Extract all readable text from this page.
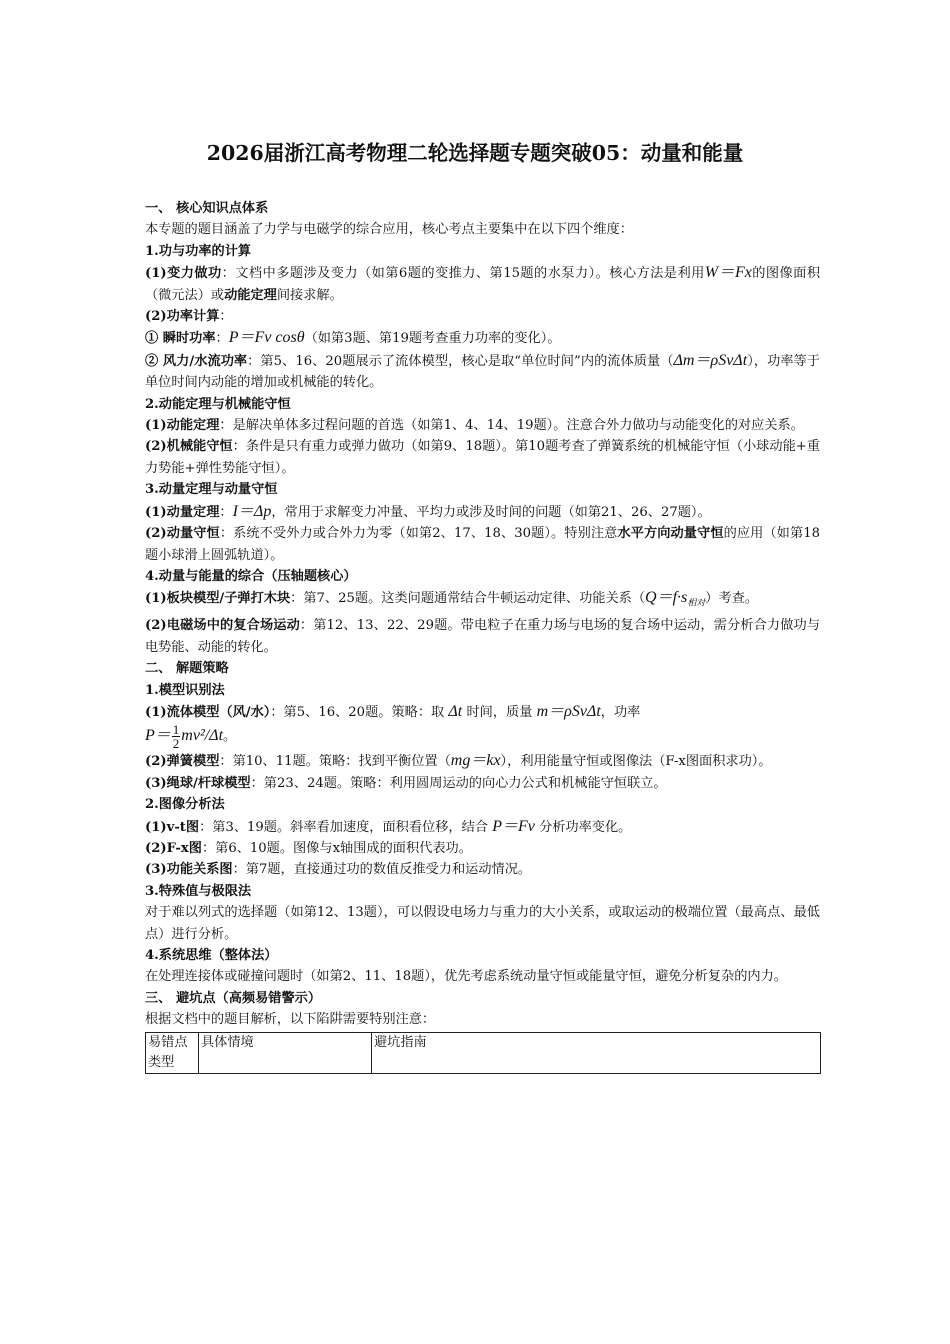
2026届浙江高考物理二轮选择题专题突破05：动量和能量

一、 核心知识点体系

本专题的题目涵盖了力学与电磁学的综合应用，核心考点主要集中在以下四个维度：

1.功与功率的计算

(1)变力做功：文档中多题涉及变力（如第6题的变推力、第15题的水泵力）。核心方法是利用W＝Fx的图像面积（微元法）或动能定理间接求解。

(2)功率计算：

① 瞬时功率：P＝Fv cosθ（如第3题、第19题考查重力功率的变化）。

② 风力/水流功率：第5、16、20题展示了流体模型，核心是取“单位时间”内的流体质量（Δm＝ρSvΔt），功率等于单位时间内动能的增加或机械能的转化。

2.动能定理与机械能守恒

(1)动能定理：是解决单体多过程问题的首选（如第1、4、14、19题）。注意合外力做功与动能变化的对应关系。

(2)机械能守恒：条件是只有重力或弹力做功（如第9、18题）。第10题考查了弹簧系统的机械能守恒（小球动能+重力势能+弹性势能守恒）。

3.动量定理与动量守恒

(1)动量定理：I＝Δp，常用于求解变力冲量、平均力或涉及时间的问题（如第21、26、27题）。

(2)动量守恒：系统不受外力或合外力为零（如第2、17、18、30题）。特别注意水平方向动量守恒的应用（如第18题小球滑上圆弧轨道）。

4.动量与能量的综合（压轴题核心）

(1)板块模型/子弹打木块：第7、25题。这类问题通常结合牛顿运动定律、功能关系$(Q=f\cdot s_{相对})$考查。

(2)电磁场中的复合场运动：第12、13、22、29题。带电粒子在重力场与电场的复合场中运动，需分析合力做功与电势能、动能的转化。

二、 解题策略

1.模型识别法

(1)流体模型（风/水）：第5、16、20题。策略：取 Δt 时间，质量 m＝ρSvΔt，功率
$P= \frac{1}{2} mv^2/\Delta t$。

(2)弹簧模型：第10、11题。策略：找到平衡位置（mg＝kx），利用能量守恒或图像法（F-x图面积求功）。

(3)绳球/杆球模型：第23、24题。策略：利用圆周运动的向心力公式和机械能守恒联立。

2.图像分析法

(1)v-t图：第3、19题。斜率看加速度，面积看位移，结合 P＝Fv 分析功率变化。

(2)F-x图：第6、10题。图像与x轴围成的面积代表功。

(3)功能关系图：第7题，直接通过功的数值反推受力和运动情况。

3.特殊值与极限法

对于难以列式的选择题（如第12、13题），可以假设电场力与重力的大小关系，或取运动的极端位置（最高点、最低点）进行分析。

4.系统思维（整体法）

在处理连接体或碰撞问题时（如第2、11、18题），优先考虑系统动量守恒或能量守恒，避免分析复杂的内力。

三、 避坑点（高频易错警示）

根据文档中的题目解析，以下陷阱需要特别注意：

易错点类型	具体情境	避坑指南
